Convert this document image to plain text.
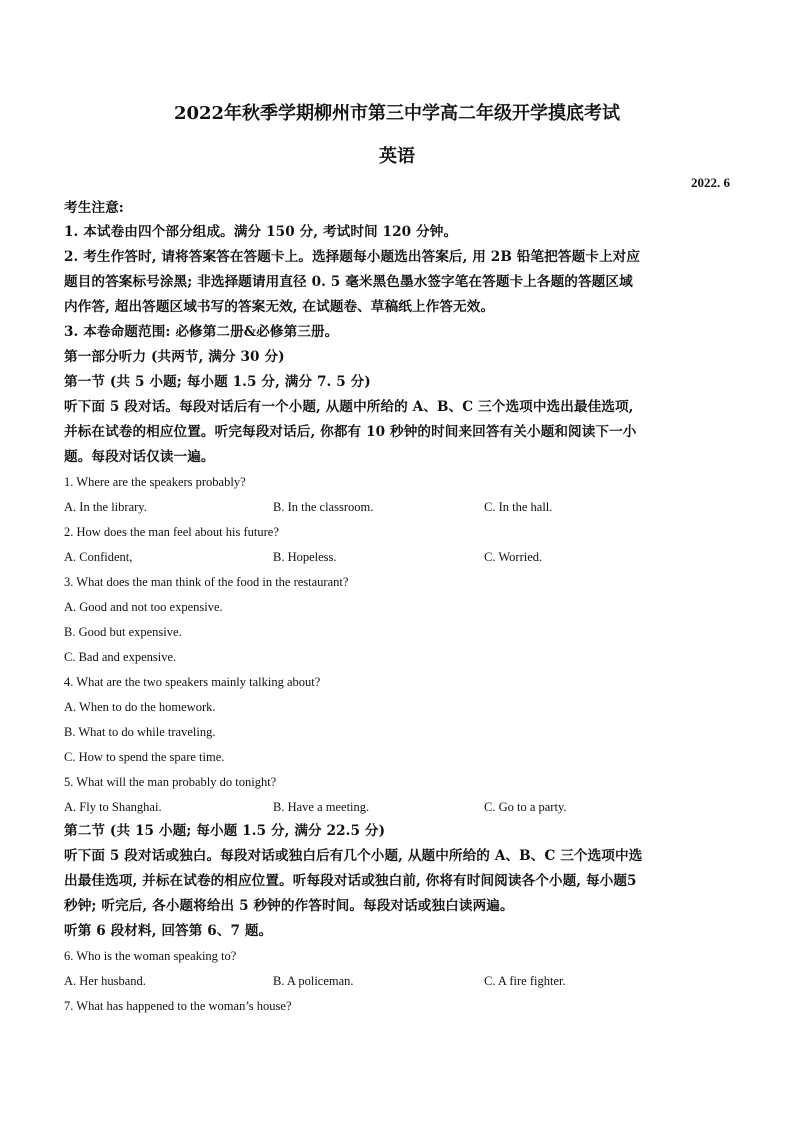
2022年秋季学期柳州市第三中学高二年级开学摸底考试
英语
2022. 6
考生注意:
1. 本试卷由四个部分组成。满分 150 分, 考试时间 120 分钟。
2. 考生作答时, 请将答案答在答题卡上。选择题每小题选出答案后, 用 2B 铅笔把答题卡上对应
题目的答案标号涂黑; 非选择题请用直径 0. 5 毫米黑色墨水签字笔在答题卡上各题的答题区域
内作答, 超出答题区域书写的答案无效, 在试题卷、草稿纸上作答无效。
3. 本卷命题范围: 必修第二册&必修第三册。
第一部分听力 (共两节, 满分 30 分)
第一节 (共 5 小题; 每小题 1.5 分, 满分 7. 5 分)
听下面 5 段对话。每段对话后有一个小题, 从题中所给的 A、B、C 三个选项中选出最佳选项,
并标在试卷的相应位置。听完每段对话后, 你都有 10 秒钟的时间来回答有关小题和阅读下一小
题。每段对话仅读一遍。
1. Where are the speakers probably?
A. In the library.	B. In the classroom.	C. In the hall.
2. How does the man feel about his future?
A. Confident,	B. Hopeless.	C. Worried.
3. What does the man think of the food in the restaurant?
A. Good and not too expensive.
B. Good but expensive.
C. Bad and expensive.
4. What are the two speakers mainly talking about?
A. When to do the homework.
B. What to do while traveling.
C. How to spend the spare time.
5. What will the man probably do tonight?
A. Fly to Shanghai.	B. Have a meeting.	C. Go to a party.
第二节 (共 15 小题; 每小题 1.5 分, 满分 22.5 分)
听下面 5 段对话或独白。每段对话或独白后有几个小题, 从题中所给的 A、B、C 三个选项中选
出最佳选项, 并标在试卷的相应位置。听每段对话或独白前, 你将有时间阅读各个小题, 每小题5
秒钟; 听完后, 各小题将给出 5 秒钟的作答时间。每段对话或独白读两遍。
听第 6 段材料, 回答第 6、7 题。
6. Who is the woman speaking to?
A. Her husband.	B. A policeman.	C. A fire fighter.
7. What has happened to the woman’s house?
